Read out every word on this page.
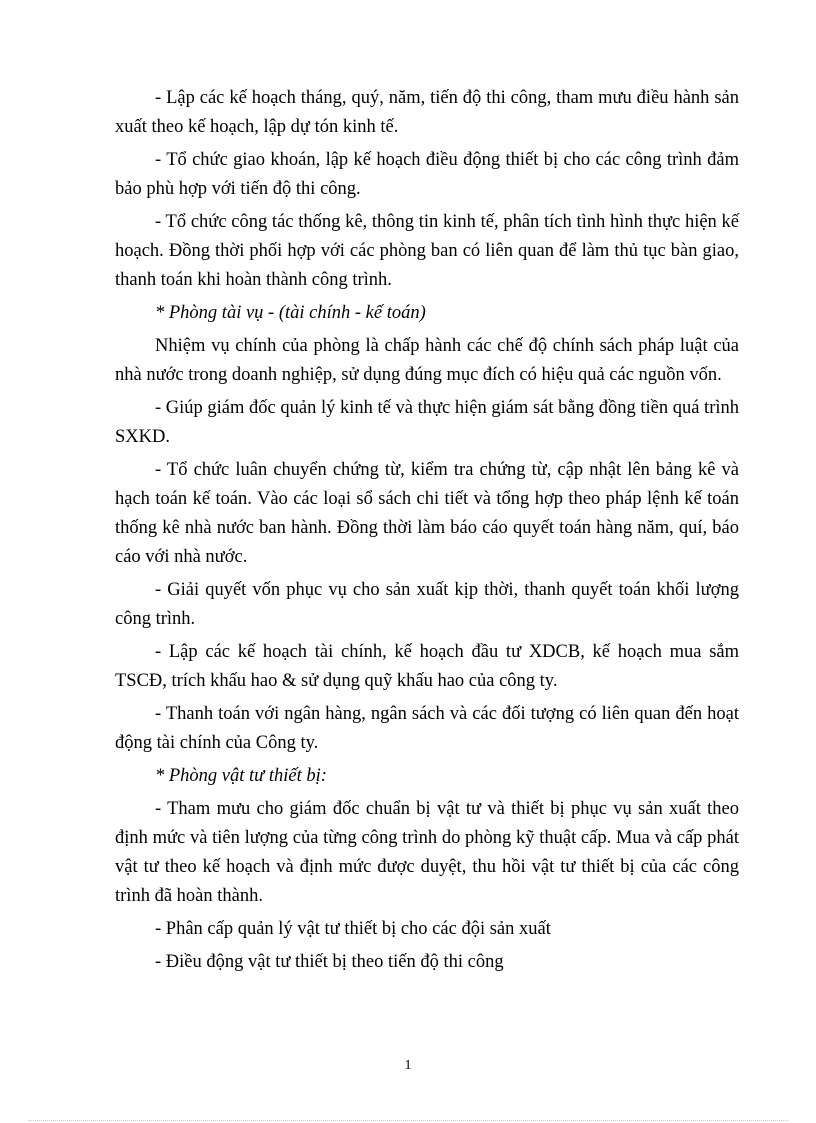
- Lập các kế hoạch tháng, quý, năm, tiến độ thi công, tham mưu điều hành sản xuất theo kế hoạch, lập dự tón kinh tế.

- Tổ chức giao khoán, lập kế hoạch điều động thiết bị cho các công trình đảm bảo phù hợp với tiến độ thi công.

- Tổ chức công tác thống kê, thông tin kinh tế, phân tích tình hình thực hiện kế hoạch. Đồng thời phối hợp với các phòng ban có liên quan để làm thủ tục bàn giao, thanh toán khi hoàn thành công trình.

* Phòng tài vụ - (tài chính - kế toán)

Nhiệm vụ chính của phòng là chấp hành các chế độ chính sách pháp luật của nhà nước trong doanh nghiệp, sử dụng đúng mục đích có hiệu quả các nguồn vốn.

- Giúp giám đốc quản lý kinh tế và thực hiện giám sát bằng đồng tiền quá trình SXKD.

- Tổ chức luân chuyển chứng từ, kiểm tra chứng từ, cập nhật lên bảng kê và hạch toán kế toán. Vào các loại sổ sách chi tiết và tổng hợp theo pháp lệnh kế toán thống kê nhà nước ban hành. Đồng thời làm báo cáo quyết toán hàng năm, quí, báo cáo với nhà nước.

- Giải quyết vốn phục vụ cho sản xuất kịp thời, thanh quyết toán khối lượng công trình.

- Lập các kế hoạch tài chính, kế hoạch đầu tư XDCB, kế hoạch mua sắm TSCĐ, trích khấu hao & sử dụng quỹ khấu hao của công ty.

- Thanh toán với ngân hàng, ngân sách và các đối tượng có liên quan đến hoạt động tài chính của Công ty.

* Phòng vật tư thiết bị:

- Tham mưu cho giám đốc chuẩn bị vật tư và thiết bị phục vụ sản xuất theo định mức và tiên lượng của từng công trình do phòng kỹ thuật cấp. Mua và cấp phát vật tư theo kế hoạch và định mức được duyệt, thu hồi vật tư thiết bị của các công trình đã hoàn thành.

- Phân cấp quản lý vật tư thiết bị cho các đội sản xuất

- Điều động vật tư thiết bị theo tiến độ thi công

1
